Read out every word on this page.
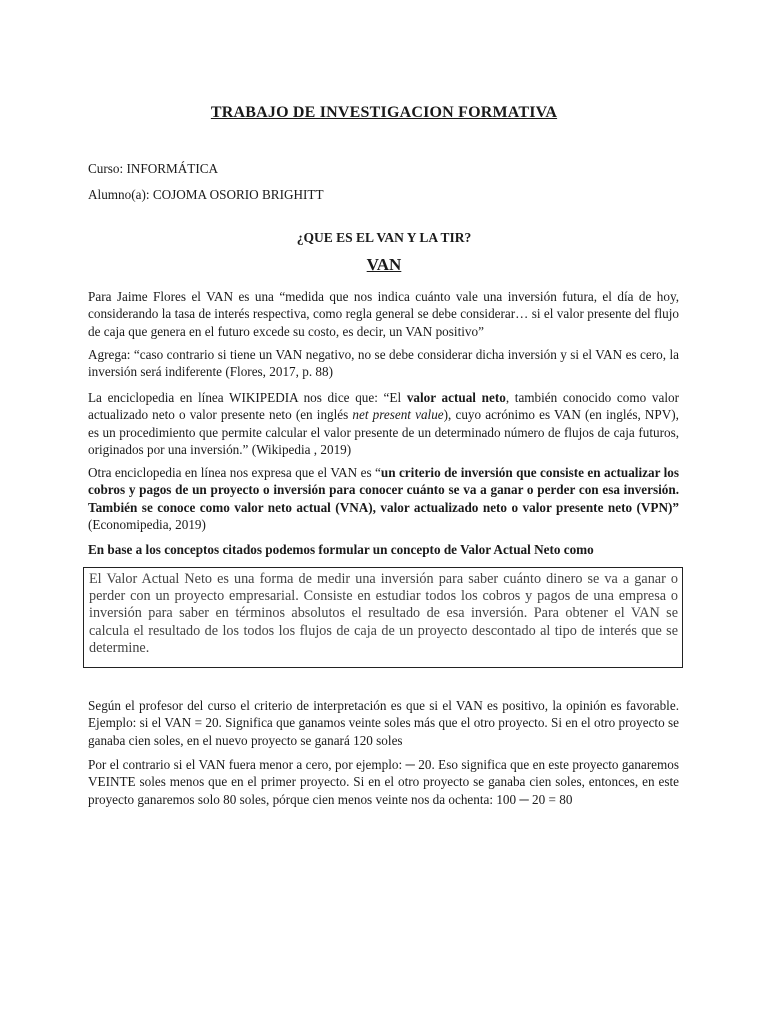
TRABAJO DE INVESTIGACION FORMATIVA
Curso: INFORMÁTICA
Alumno(a): COJOMA OSORIO BRIGHITT
¿QUE ES EL VAN Y LA TIR?
VAN

Para Jaime Flores el VAN es una “medida que nos indica cuánto vale una inversión futura, el día de hoy, considerando la tasa de interés respectiva, como regla general se debe considerar… si el valor presente del flujo de caja que genera en el futuro excede su costo, es decir, un VAN positivo”

Agrega: “caso contrario si tiene un VAN negativo, no se debe considerar dicha inversión y si el VAN es cero, la inversión será indiferente (Flores, 2017, p. 88)

La enciclopedia en línea WIKIPEDIA nos dice que: “El valor actual neto, también conocido como valor actualizado neto o valor presente neto (en inglés net present value), cuyo acrónimo es VAN (en inglés, NPV), es un procedimiento que permite calcular el valor presente de un determinado número de flujos de caja futuros, originados por una inversión.” (Wikipedia , 2019)

Otra enciclopedia en línea nos expresa que el VAN es “un criterio de inversión que consiste en actualizar los cobros y pagos de un proyecto o inversión para conocer cuánto se va a ganar o perder con esa inversión. También se conoce como valor neto actual (VNA), valor actualizado neto o valor presente neto (VPN)” (Economipedia, 2019)

En base a los conceptos citados podemos formular un concepto de Valor Actual Neto como

El Valor Actual Neto es una forma de medir una inversión para saber cuánto dinero se va a ganar o perder con un proyecto empresarial. Consiste en estudiar todos los cobros y pagos de una empresa o inversión para saber en términos absolutos el resultado de esa inversión. Para obtener el VAN se calcula el resultado de los todos los flujos de caja de un proyecto descontado al tipo de interés que se determine.

Según el profesor del curso el criterio de interpretación es que si el VAN es positivo, la opinión es favorable. Ejemplo: si el VAN = 20. Significa que ganamos veinte soles más que el otro proyecto. Si en el otro proyecto se ganaba cien soles, en el nuevo proyecto se ganará 120 soles

Por el contrario si el VAN fuera menor a cero, por ejemplo: ─ 20. Eso significa que en este proyecto ganaremos VEINTE soles menos que en el primer proyecto. Si en el otro proyecto se ganaba cien soles, entonces, en este proyecto ganaremos solo 80 soles, pórque cien menos veinte nos da ochenta: 100 ─ 20 = 80
